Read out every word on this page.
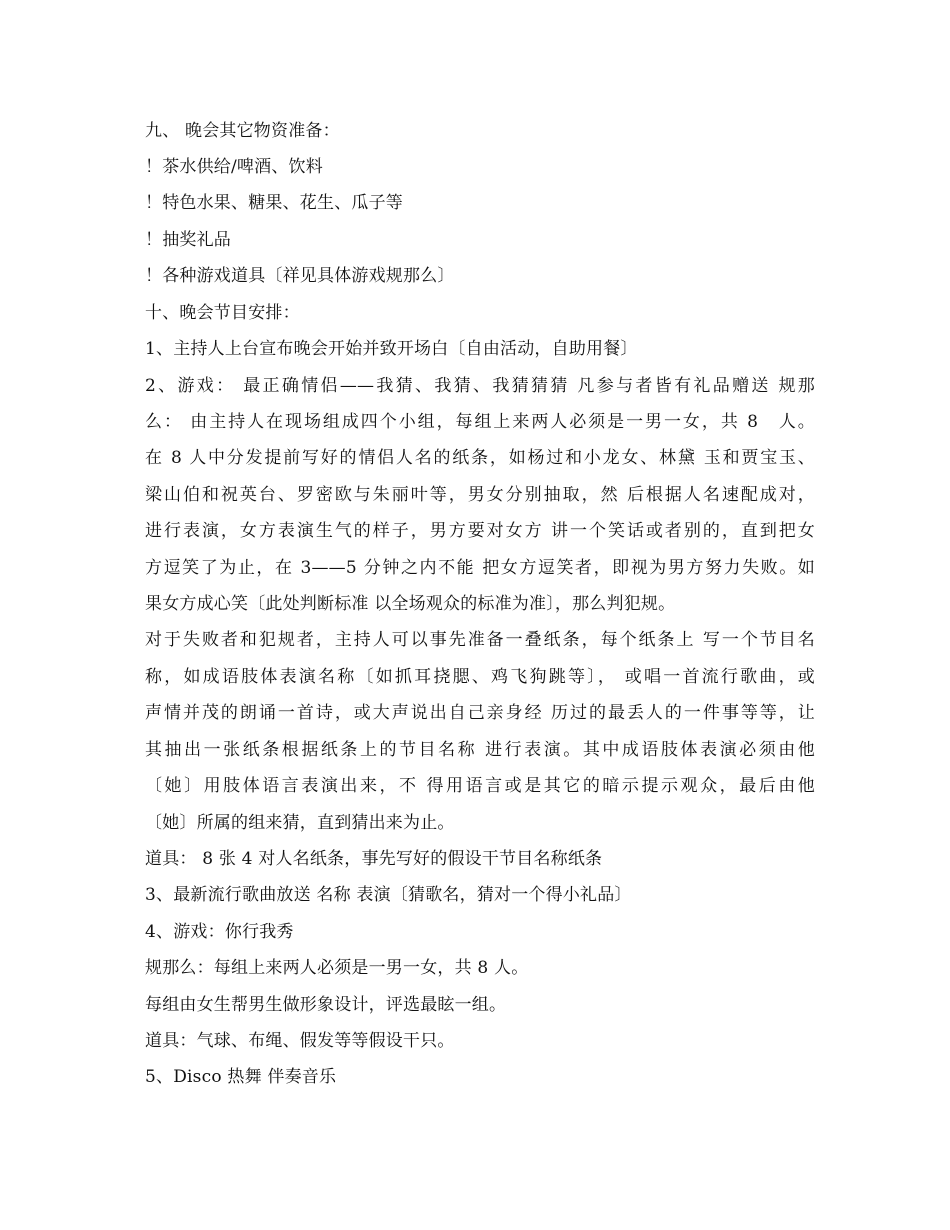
九、 晚会其它物资准备：
！茶水供给/啤酒、饮料
！特色水果、糖果、花生、瓜子等
！抽奖礼品
！各种游戏道具〔祥见具体游戏规那么〕
十、晚会节目安排：
1、主持人上台宣布晚会开始并致开场白〔自由活动，自助用餐〕
2、游戏： 最正确情侣——我猜、我猜、我猜猜猜 凡参与者皆有礼品赠送 规那
么： 由主持人在现场组成四个小组，每组上来两人必须是一男一女，共 8　人。
在 8 人中分发提前写好的情侣人名的纸条，如杨过和小龙女、林黛 玉和贾宝玉、
梁山伯和祝英台、罗密欧与朱丽叶等，男女分别抽取，然 后根据人名速配成对，
进行表演，女方表演生气的样子，男方要对女方 讲一个笑话或者别的，直到把女
方逗笑了为止，在 3——5 分钟之内不能 把女方逗笑者，即视为男方努力失败。如
果女方成心笑〔此处判断标准 以全场观众的标准为准〕，那么判犯规。
对于失败者和犯规者，主持人可以事先准备一叠纸条，每个纸条上 写一个节目名
称，如成语肢体表演名称〔如抓耳挠腮、鸡飞狗跳等〕， 或唱一首流行歌曲，或
声情并茂的朗诵一首诗，或大声说出自己亲身经 历过的最丢人的一件事等等，让
其抽出一张纸条根据纸条上的节目名称 进行表演。其中成语肢体表演必须由他
〔她〕用肢体语言表演出来，不 得用语言或是其它的暗示提示观众，最后由他
〔她〕所属的组来猜，直到猜出来为止。
道具： 8 张 4 对人名纸条，事先写好的假设干节目名称纸条
3、最新流行歌曲放送 名称 表演〔猜歌名，猜对一个得小礼品〕
4、游戏：你行我秀
规那么：每组上来两人必须是一男一女，共 8 人。
每组由女生帮男生做形象设计，评选最眩一组。
道具：气球、布绳、假发等等假设干只。
5、Disco 热舞 伴奏音乐
